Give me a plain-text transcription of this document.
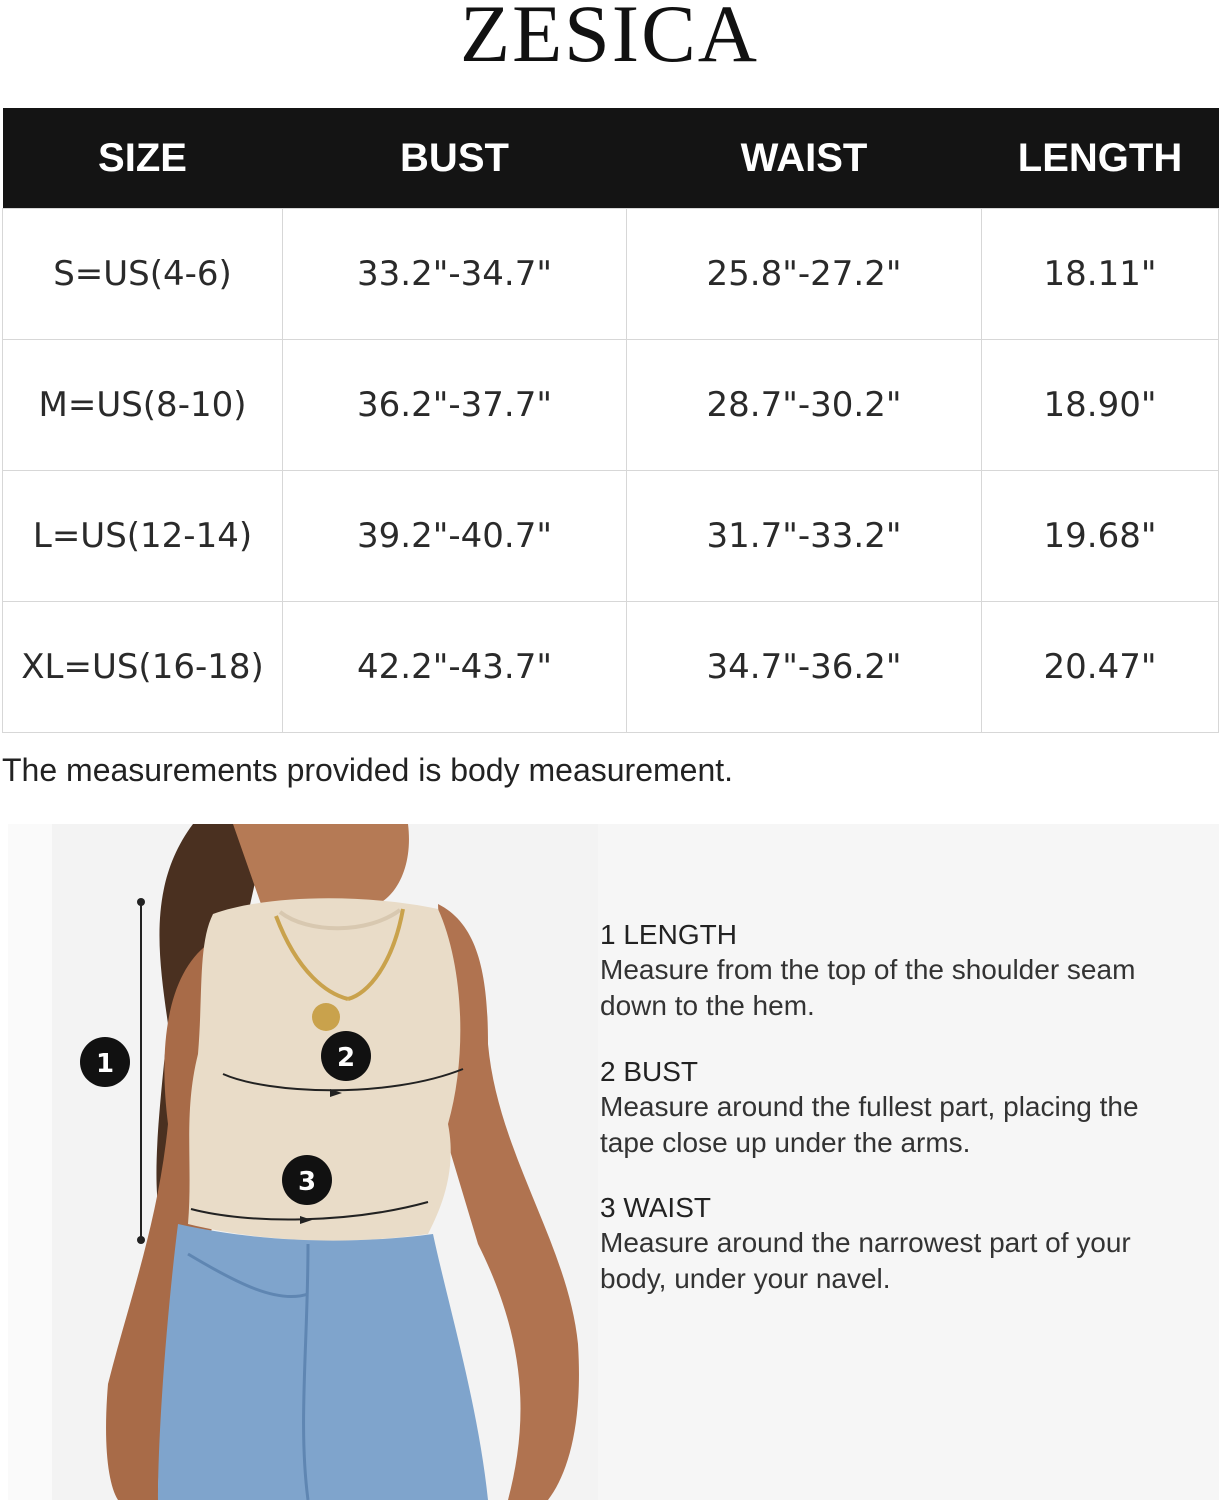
ZESICA
SIZE	BUST	WAIST	LENGTH
S=US(4-6)	33.2"-34.7"	25.8"-27.2"	18.11"
M=US(8-10)	36.2"-37.7"	28.7"-30.2"	18.90"
L=US(12-14)	39.2"-40.7"	31.7"-33.2"	19.68"
XL=US(16-18)	42.2"-43.7"	34.7"-36.2"	20.47"
The measurements provided is body measurement.
1	2
3
1 LENGTH
Measure from the top of the shoulder seam down to the hem.
2 BUST
Measure around the fullest part, placing the tape close up under the arms.
3 WAIST
Measure around the narrowest part of your body, under your navel.
